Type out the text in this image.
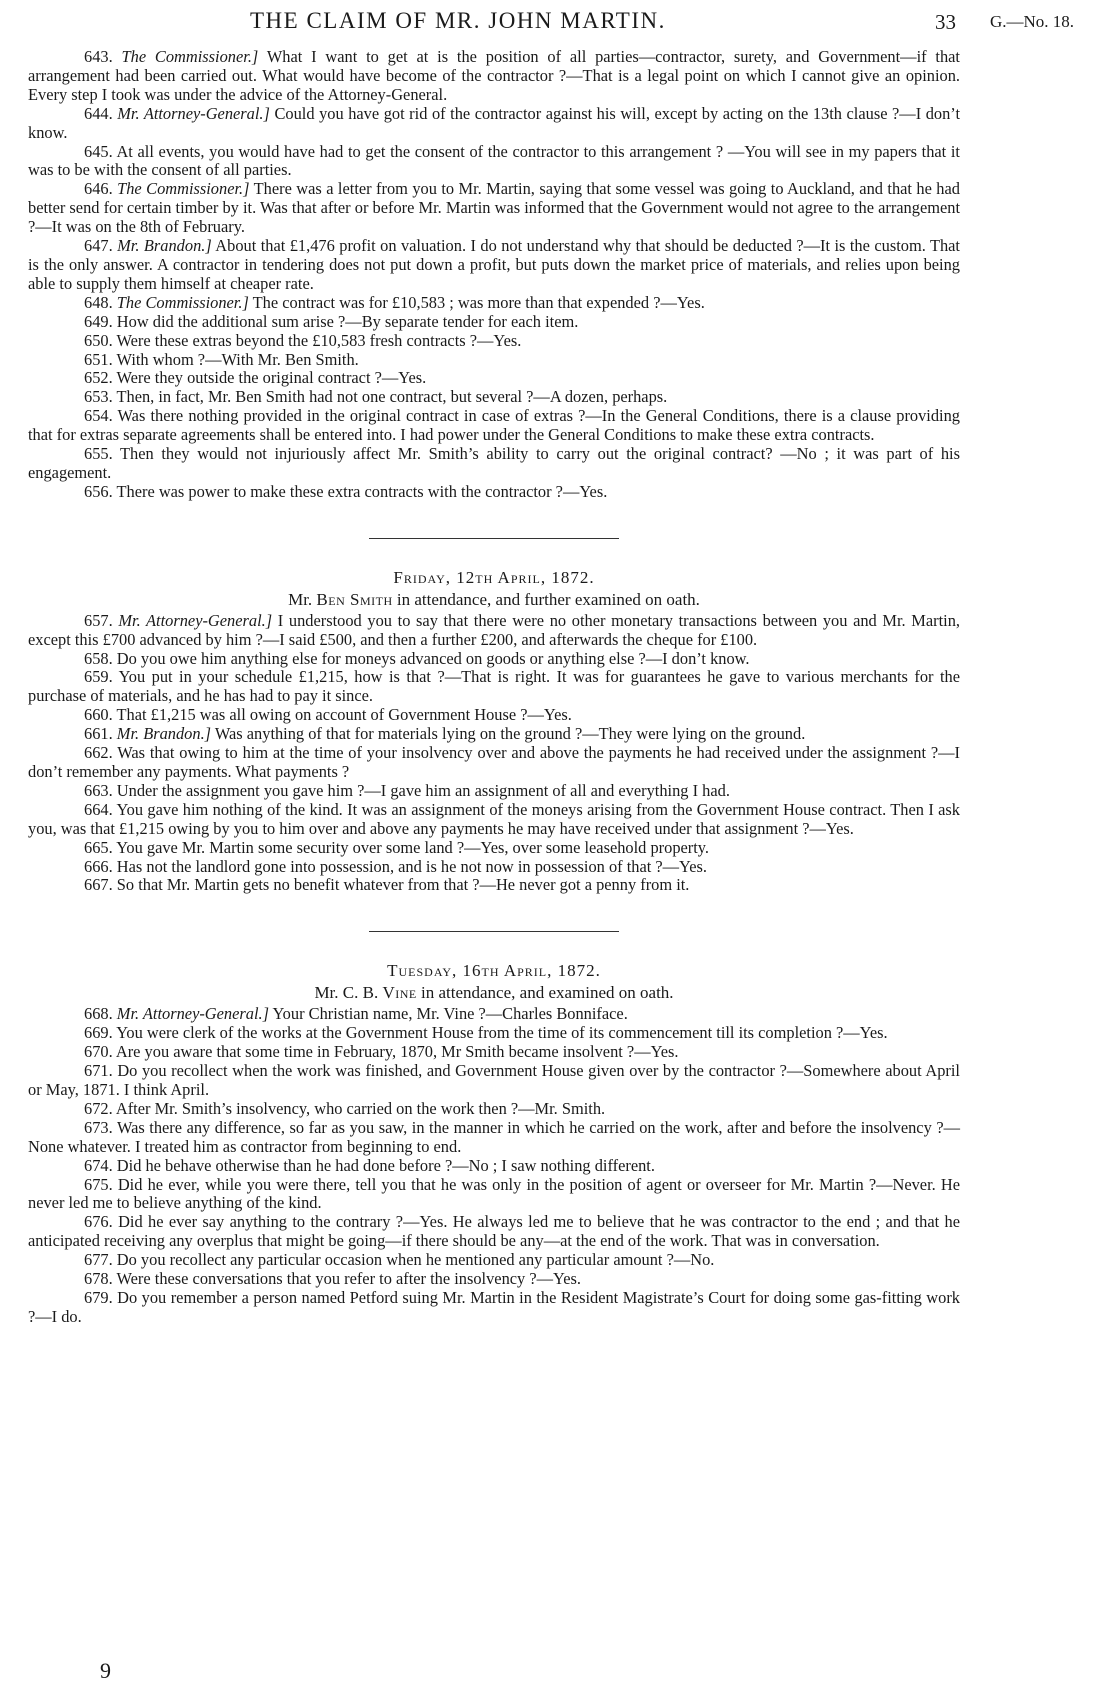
THE CLAIM OF MR. JOHN MARTIN.	33 G.—No. 18.

643. The Commissioner.] What I want to get at is the position of all parties—contractor, surety, and Government—if that arrangement had been carried out. What would have become of the contractor ?—That is a legal point on which I cannot give an opinion. Every step I took was under the advice of the Attorney-General.

644. Mr. Attorney-General.] Could you have got rid of the contractor against his will, except by acting on the 13th clause ?—I don’t know.

645. At all events, you would have had to get the consent of the contractor to this arrangement ? —You will see in my papers that it was to be with the consent of all parties.

646. The Commissioner.] There was a letter from you to Mr. Martin, saying that some vessel was going to Auckland, and that he had better send for certain timber by it. Was that after or before Mr. Martin was informed that the Government would not agree to the arrangement ?—It was on the 8th of February.

647. Mr. Brandon.] About that £1,476 profit on valuation. I do not understand why that should be deducted ?—It is the custom. That is the only answer. A contractor in tendering does not put down a profit, but puts down the market price of materials, and relies upon being able to supply them himself at cheaper rate.

648. The Commissioner.] The contract was for £10,583 ; was more than that expended ?—Yes.

649. How did the additional sum arise ?—By separate tender for each item.

650. Were these extras beyond the £10,583 fresh contracts ?—Yes.

651. With whom ?—With Mr. Ben Smith.

652. Were they outside the original contract ?—Yes.

653. Then, in fact, Mr. Ben Smith had not one contract, but several ?—A dozen, perhaps.

654. Was there nothing provided in the original contract in case of extras ?—In the General Conditions, there is a clause providing that for extras separate agreements shall be entered into. I had power under the General Conditions to make these extra contracts.

655. Then they would not injuriously affect Mr. Smith’s ability to carry out the original contract? —No ; it was part of his engagement.

656. There was power to make these extra contracts with the contractor ?—Yes.

Friday, 12th April, 1872.

Mr. Ben Smith in attendance, and further examined on oath.

657. Mr. Attorney-General.] I understood you to say that there were no other monetary transactions between you and Mr. Martin, except this £700 advanced by him ?—I said £500, and then a further £200, and afterwards the cheque for £100.

658. Do you owe him anything else for moneys advanced on goods or anything else ?—I don’t know.

659. You put in your schedule £1,215, how is that ?—That is right. It was for guarantees he gave to various merchants for the purchase of materials, and he has had to pay it since.

660. That £1,215 was all owing on account of Government House ?—Yes.

661. Mr. Brandon.] Was anything of that for materials lying on the ground ?—They were lying on the ground.

662. Was that owing to him at the time of your insolvency over and above the payments he had received under the assignment ?—I don’t remember any payments. What payments ?

663. Under the assignment you gave him ?—I gave him an assignment of all and everything I had.

664. You gave him nothing of the kind. It was an assignment of the moneys arising from the Government House contract. Then I ask you, was that £1,215 owing by you to him over and above any payments he may have received under that assignment ?—Yes.

665. You gave Mr. Martin some security over some land ?—Yes, over some leasehold property.

666. Has not the landlord gone into possession, and is he not now in possession of that ?—Yes.

667. So that Mr. Martin gets no benefit whatever from that ?—He never got a penny from it.

Tuesday, 16th April, 1872.

Mr. C. B. Vine in attendance, and examined on oath.

668. Mr. Attorney-General.] Your Christian name, Mr. Vine ?—Charles Bonniface.

669. You were clerk of the works at the Government House from the time of its commencement till its completion ?—Yes.

670. Are you aware that some time in February, 1870, Mr Smith became insolvent ?—Yes.

671. Do you recollect when the work was finished, and Government House given over by the contractor ?—Somewhere about April or May, 1871. I think April.

672. After Mr. Smith’s insolvency, who carried on the work then ?—Mr. Smith.

673. Was there any difference, so far as you saw, in the manner in which he carried on the work, after and before the insolvency ?—None whatever. I treated him as contractor from beginning to end.

674. Did he behave otherwise than he had done before ?—No ; I saw nothing different.

675. Did he ever, while you were there, tell you that he was only in the position of agent or overseer for Mr. Martin ?—Never. He never led me to believe anything of the kind.

676. Did he ever say anything to the contrary ?—Yes. He always led me to believe that he was contractor to the end ; and that he anticipated receiving any overplus that might be going—if there should be any—at the end of the work. That was in conversation.

677. Do you recollect any particular occasion when he mentioned any particular amount ?—No.

678. Were these conversations that you refer to after the insolvency ?—Yes.

679. Do you remember a person named Petford suing Mr. Martin in the Resident Magistrate’s Court for doing some gas-fitting work ?—I do.

9
